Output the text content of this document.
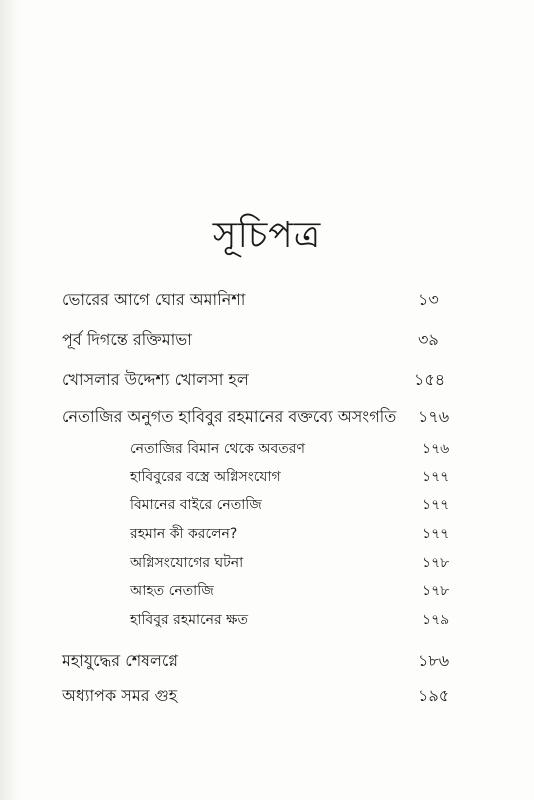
সূচিপত্র
ভোরের আগে ঘোর অমানিশা	১৩
পূর্ব দিগন্তে রক্তিমাভা	৩৯
খোসলার উদ্দেশ্য খোলসা হল	১৫৪
নেতাজির অনুগত হাবিবুর রহমানের বক্তব্যে অসংগতি ১৭৬
নেতাজির বিমান থেকে অবতরণ	১৭৬
হাবিবুরের বস্ত্রে অগ্নিসংযোগ	১৭৭
বিমানের বাইরে নেতাজি	১৭৭
রহমান কী করলেন?	১৭৭
অগ্নিসংযোগের ঘটনা	১৭৮
আহত নেতাজি	১৭৮
হাবিবুর রহমানের ক্ষত	১৭৯
মহাযুদ্ধের শেষলগ্নে	১৮৬
অধ্যাপক সমর গুহ	১৯৫
